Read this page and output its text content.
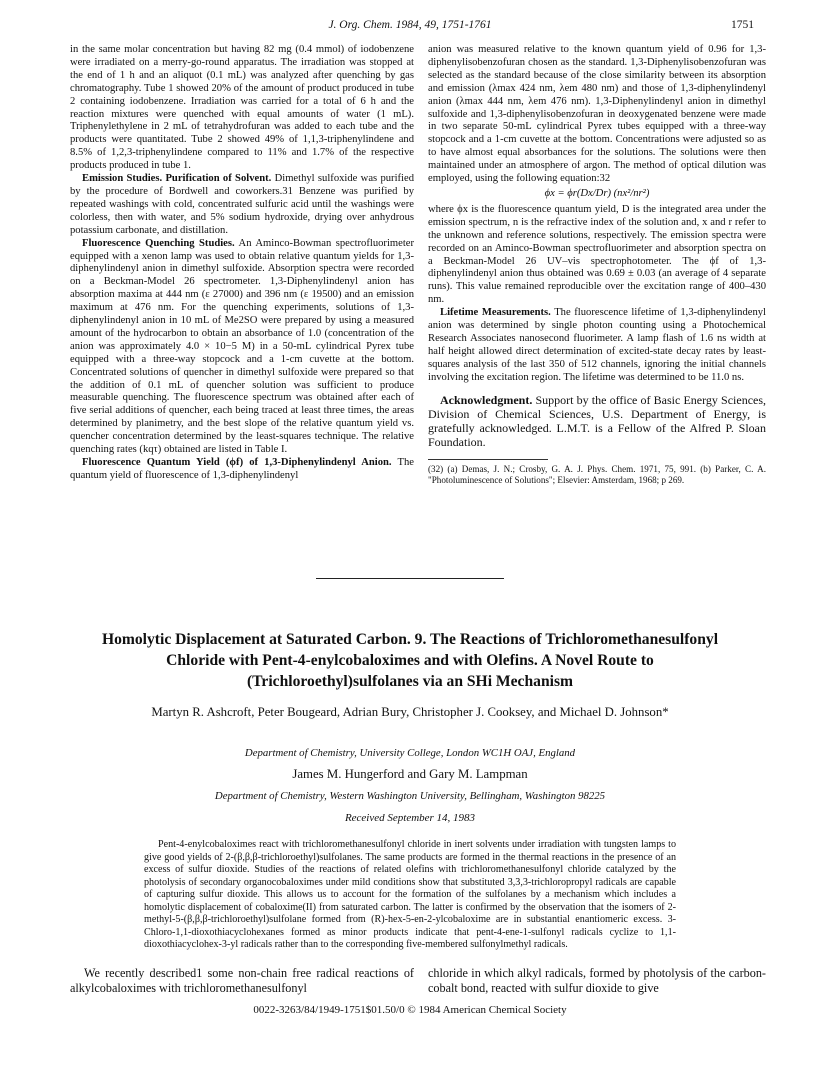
J. Org. Chem. 1984, 49, 1751-1761	1751

in the same molar concentration but having 82 mg (0.4 mmol) of iodobenzene were irradiated on a merry-go-round apparatus. The irradiation was stopped at the end of 1 h and an aliquot (0.1 mL) was analyzed after quenching by gas chromatography. Tube 1 showed 20% of the amount of product produced in tube 2 containing iodobenzene. Irradiation was carried for a total of 6 h and the reaction mixtures were quenched with equal amounts of water (1 mL). Triphenylethylene in 2 mL of tetrahydrofuran was added to each tube and the products were quantitated. Tube 2 showed 49% of 1,1,3-triphenylindene and 8.5% of 1,2,3-triphenylindene compared to 11% and 1.7% of the respective products produced in tube 1.

Emission Studies. Purification of Solvent. Dimethyl sulfoxide was purified by the procedure of Bordwell and coworkers.31 Benzene was purified by repeated washings with cold, concentrated sulfuric acid until the washings were colorless, then with water, and 5% sodium hydroxide, drying over anhydrous potassium carbonate, and distillation.

Fluorescence Quenching Studies. An Aminco-Bowman spectrofluorimeter equipped with a xenon lamp was used to obtain relative quantum yields for 1,3-diphenylindenyl anion in dimethyl sulfoxide. Absorption spectra were recorded on a Beckman-Model 26 spectrometer. 1,3-Diphenylindenyl anion has absorption maxima at 444 nm (ε 27000) and 396 nm (ε 19500) and an emission maximum at 476 nm. For the quenching experiments, solutions of 1,3-diphenylindenyl anion in 10 mL of Me2SO were prepared by using a measured amount of the hydrocarbon to obtain an absorbance of 1.0 (concentration of the anion was approximately 4.0 × 10−5 M) in a 50-mL cylindrical Pyrex tube equipped with a three-way stopcock and a 1-cm cuvette at the bottom. Concentrated solutions of quencher in dimethyl sulfoxide were prepared so that the addition of 0.1 mL of quencher solution was sufficient to produce measurable quenching. The fluorescence spectrum was obtained after each of five serial additions of quencher, each being traced at least three times, the areas determined by planimetry, and the best slope of the relative quantum yield vs. quencher concentration determined by the least-squares technique. The relative quenching rates (kqτ) obtained are listed in Table I.

Fluorescence Quantum Yield (ϕf) of 1,3-Diphenylindenyl Anion. The quantum yield of fluorescence of 1,3-diphenylindenyl

anion was measured relative to the known quantum yield of 0.96 for 1,3-diphenylisobenzofuran chosen as the standard. 1,3-Diphenylisobenzofuran was selected as the standard because of the close similarity between its absorption and emission (λmax 424 nm, λem 480 nm) and those of 1,3-diphenylindenyl anion (λmax 444 nm, λem 476 nm). 1,3-Diphenylindenyl anion in dimethyl sulfoxide and 1,3-diphenylisobenzofuran in deoxygenated benzene were made in two separate 50-mL cylindrical Pyrex tubes equipped with a three-way stopcock and a 1-cm cuvette at the bottom. Concentrations were adjusted so as to have almost equal absorbances for the solutions. The solutions were then maintained under an atmosphere of argon. The method of optical dilution was employed, using the following equation:32

ϕx = ϕr(Dx/Dr) (nx²/nr²)

where ϕx is the fluorescence quantum yield, D is the integrated area under the emission spectrum, n is the refractive index of the solution and, x and r refer to the unknown and reference solutions, respectively. The emission spectra were recorded on an Aminco-Bowman spectrofluorimeter and absorption spectra on a Beckman-Model 26 UV–vis spectrophotometer. The ϕf of 1,3-diphenylindenyl anion thus obtained was 0.69 ± 0.03 (an average of 4 separate runs). This value remained reproducible over the excitation range of 400–430 nm.

Lifetime Measurements. The fluorescence lifetime of 1,3-diphenylindenyl anion was determined by single photon counting using a Photochemical Research Associates nanosecond fluorimeter. A lamp flash of 1.6 ns width at half height allowed direct determination of excited-state decay rates by least-squares analysis of the last 350 of 512 channels, ignoring the initial channels involving the excitation region. The lifetime was determined to be 11.0 ns.

Acknowledgment. Support by the office of Basic Energy Sciences, Division of Chemical Sciences, U.S. Department of Energy, is gratefully acknowledged. L.M.T. is a Fellow of the Alfred P. Sloan Foundation.

(32) (a) Demas, J. N.; Crosby, G. A. J. Phys. Chem. 1971, 75, 991. (b) Parker, C. A. "Photoluminescence of Solutions"; Elsevier: Amsterdam, 1968; p 269.

Homolytic Displacement at Saturated Carbon. 9. The Reactions of Trichloromethanesulfonyl Chloride with Pent-4-enylcobaloximes and with Olefins. A Novel Route to (Trichloroethyl)sulfolanes via an SHi Mechanism
Martyn R. Ashcroft, Peter Bougeard, Adrian Bury, Christopher J. Cooksey, and Michael D. Johnson*
Department of Chemistry, University College, London WC1H OAJ, England
James M. Hungerford and Gary M. Lampman
Department of Chemistry, Western Washington University, Bellingham, Washington 98225
Received September 14, 1983

Pent-4-enylcobaloximes react with trichloromethanesulfonyl chloride in inert solvents under irradiation with tungsten lamps to give good yields of 2-(β,β,β-trichloroethyl)sulfolanes. The same products are formed in the thermal reactions in the presence of an excess of sulfur dioxide. Studies of the reactions of related olefins with trichloromethanesulfonyl chloride catalyzed by the photolysis of secondary organocobaloximes under mild conditions show that substituted 3,3,3-trichloropropyl radicals are capable of capturing sulfur dioxide. This allows us to account for the formation of the sulfolanes by a mechanism which includes a homolytic displacement of cobaloxime(II) from saturated carbon. The latter is confirmed by the observation that the isomers of 2-methyl-5-(β,β,β-trichloroethyl)sulfolane formed from (R)-hex-5-en-2-ylcobaloxime are in substantial enantiomeric excess. 3-Chloro-1,1-dioxothiacyclohexanes formed as minor products indicate that pent-4-ene-1-sulfonyl radicals cyclize to 1,1-dioxothiacyclohex-3-yl radicals rather than to the corresponding five-membered sulfonylmethyl radicals.

We recently described1 some non-chain free radical reactions of alkylcobaloximes with trichloromethanesulfonyl
chloride in which alkyl radicals, formed by photolysis of the carbon-cobalt bond, reacted with sulfur dioxide to give
0022-3263/84/1949-1751$01.50/0 © 1984 American Chemical Society
